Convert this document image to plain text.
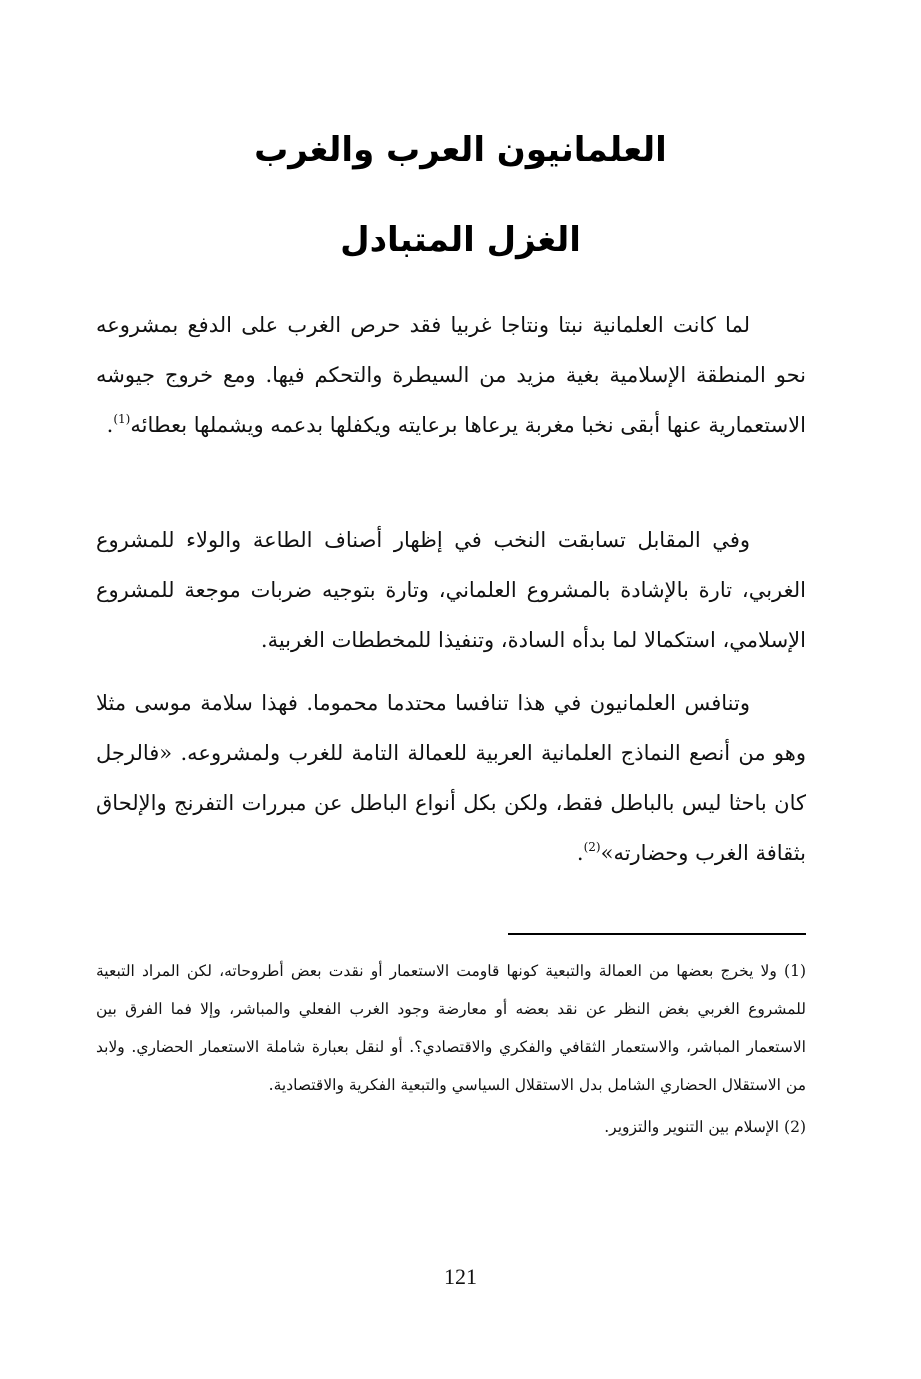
العلمانيون العرب والغرب
الغزل المتبادل

لما كانت العلمانية نبتا ونتاجا غربيا فقد حرص الغرب على الدفع بمشروعه نحو المنطقة الإسلامية بغية مزيد من السيطرة والتحكم فيها. ومع خروج جيوشه الاستعمارية عنها أبقى نخبا مغربة يرعاها برعايته ويكفلها بدعمه ويشملها بعطائه$^{(1)}$.

وفي المقابل تسابقت النخب في إظهار أصناف الطاعة والولاء للمشروع الغربي، تارة بالإشادة بالمشروع العلماني، وتارة بتوجيه ضربات موجعة للمشروع الإسلامي، استكمالا لما بدأه السادة، وتنفيذا للمخططات الغربية.

وتنافس العلمانيون في هذا تنافسا محتدما محموما. فهذا سلامة موسى مثلا وهو من أنصع النماذج العلمانية العربية للعمالة التامة للغرب ولمشروعه. «فالرجل كان باحثا ليس بالباطل فقط، ولكن بكل أنواع الباطل عن مبررات التفرنج والإلحاق بثقافة الغرب وحضارته»$^{(2)}$.

(1) ولا يخرج بعضها من العمالة والتبعية كونها قاومت الاستعمار أو نقدت بعض أطروحاته، لكن المراد التبعية للمشروع الغربي بغض النظر عن نقد بعضه أو معارضة وجود الغرب الفعلي والمباشر، وإلا فما الفرق بين الاستعمار المباشر، والاستعمار الثقافي والفكري والاقتصادي؟. أو لنقل بعبارة شاملة الاستعمار الحضاري. ولابد من الاستقلال الحضاري الشامل بدل الاستقلال السياسي والتبعية الفكرية والاقتصادية.

(2) الإسلام بين التنوير والتزوير.

121
